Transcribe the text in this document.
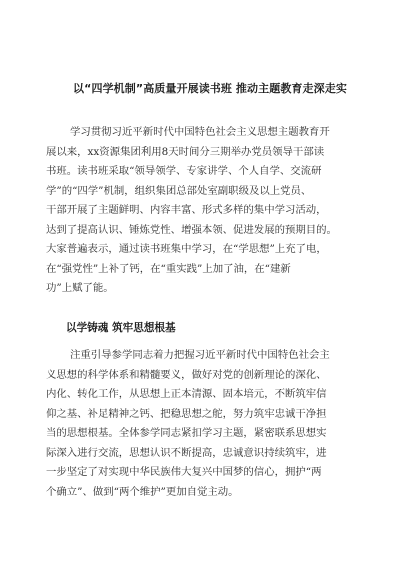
以“四学机制”高质量开展读书班 推动主题教育走深走实
学习贯彻习近平新时代中国特色社会主义思想主题教育开
展以来，xx资源集团利用8天时间分三期举办党员领导干部读
书班。读书班采取“领导领学、专家讲学、个人自学、交流研
学”的“四学”机制，组织集团总部处室副职级及以上党员、
干部开展了主题鲜明、内容丰富、形式多样的集中学习活动，
达到了提高认识、锤炼党性、增强本领、促进发展的预期目的。
大家普遍表示，通过读书班集中学习，在“学思想”上充了电，
在“强党性”上补了钙，在“重实践”上加了油，在“建新
功”上赋了能。
以学铸魂 筑牢思想根基
注重引导参学同志着力把握习近平新时代中国特色社会主
义思想的科学体系和精髓要义，做好对党的创新理论的深化、
内化、转化工作，从思想上正本清源、固本培元，不断筑牢信
仰之基、补足精神之钙、把稳思想之舵，努力筑牢忠诚干净担
当的思想根基。全体参学同志紧扣学习主题，紧密联系思想实
际深入进行交流，思想认识不断提高，忠诚意识持续筑牢，进
一步坚定了对实现中华民族伟大复兴中国梦的信心，拥护“两
个确立”、做到“两个维护”更加自觉主动。
